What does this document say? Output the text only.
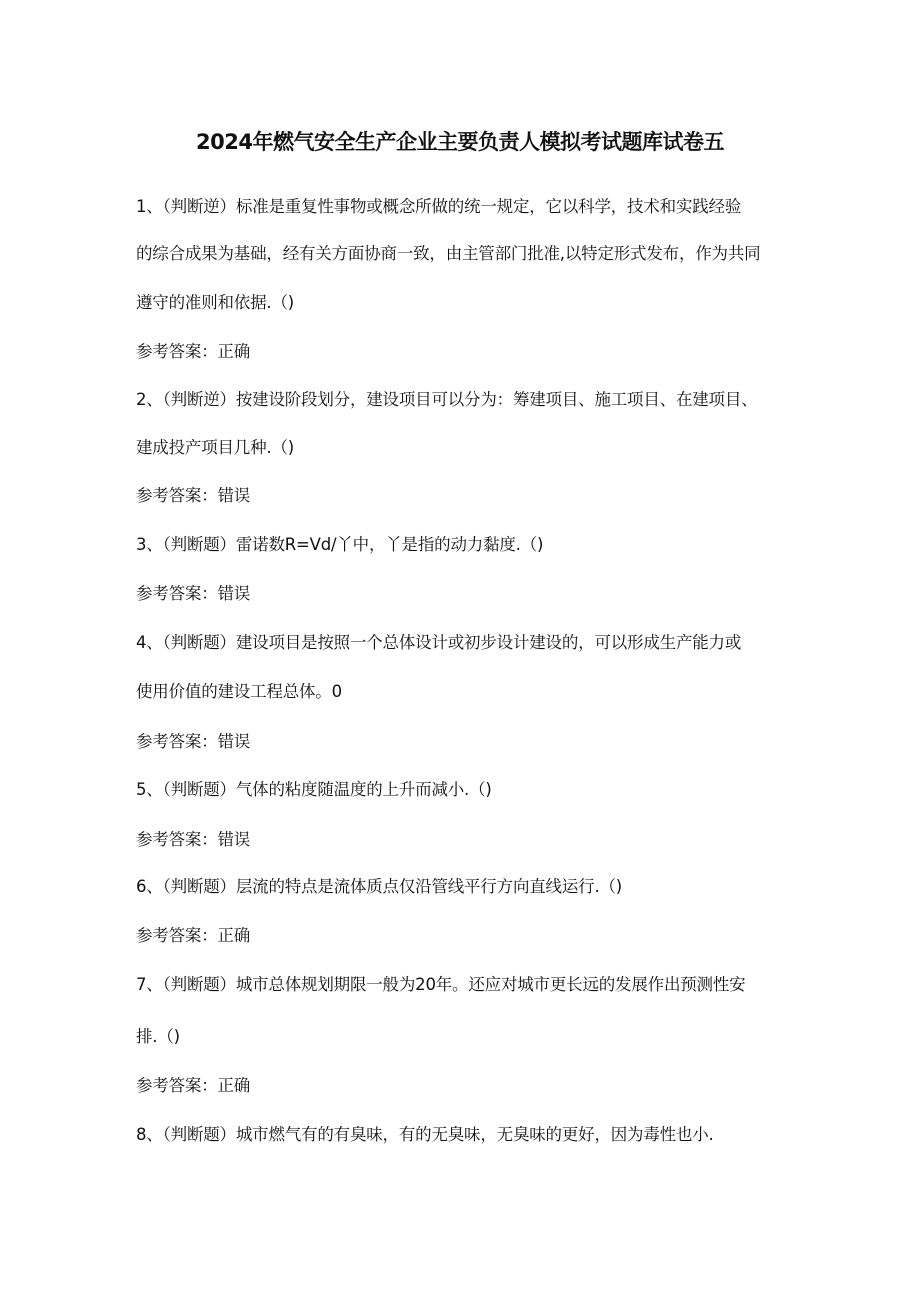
2024年燃气安全生产企业主要负责人模拟考试题库试卷五
1、（判断逆）标准是重复性事物或概念所做的统一规定，它以科学，技术和实践经验
的综合成果为基础，经有关方面协商一致，由主管部门批准,以特定形式发布，作为共同
遵守的准则和依据.（)
参考答案：正确
2、（判断逆）按建设阶段划分，建设项目可以分为：筹建项目、施工项目、在建项目、
建成投产项目几种.（)
参考答案：错误
3、（判断题）雷诺数R=Vd/丫中，丫是指的动力黏度.（)
参考答案：错误
4、（判断题）建设项目是按照一个总体设计或初步设计建设的，可以形成生产能力或
使用价值的建设工程总体。0
参考答案：错误
5、（判断题）气体的粘度随温度的上升而减小.（)
参考答案：错误
6、（判断题）层流的特点是流体质点仅沿管线平行方向直线运行.（)
参考答案：正确
7、（判断题）城市总体规划期限一般为20年。还应对城市更长远的发展作出预测性安
排.（)
参考答案：正确
8、（判断题）城市燃气有的有臭味，有的无臭味，无臭味的更好，因为毒性也小.
